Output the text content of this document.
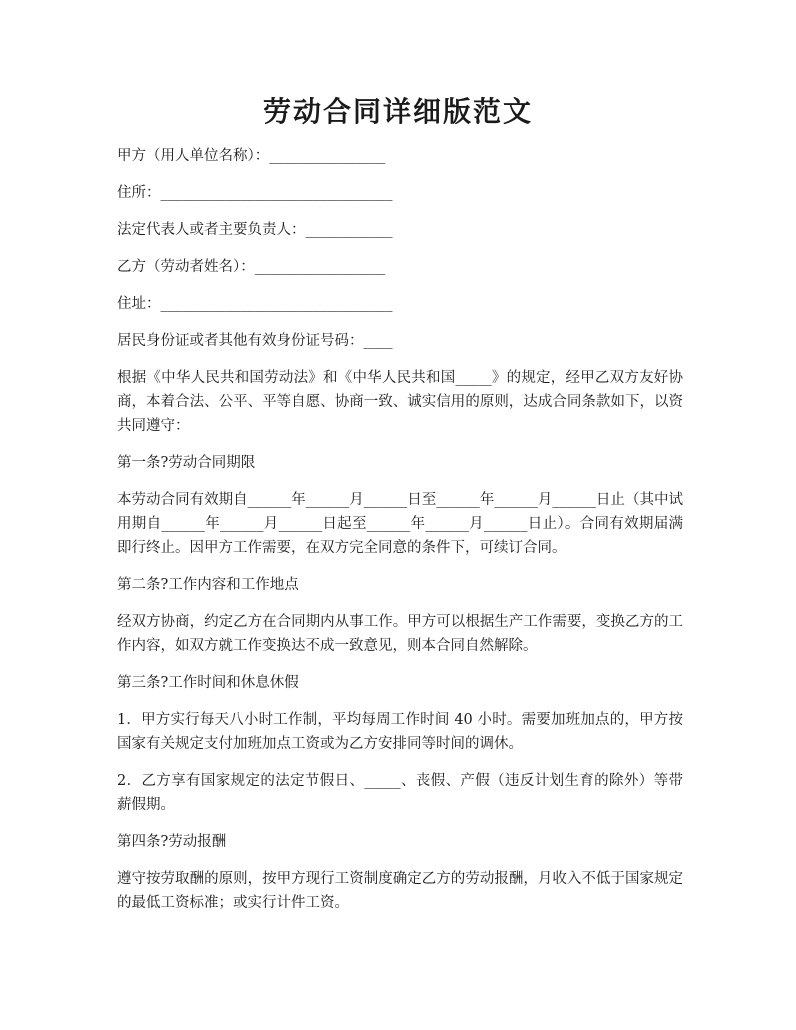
劳动合同详细版范文
甲方（用人单位名称）：________________
住所：________________________________
法定代表人或者主要负责人：____________
乙方（劳动者姓名）：__________________
住址：________________________________
居民身份证或者其他有效身份证号码：____

根据《中华人民共和国劳动法》和《中华人民共和国_____》的规定，经甲乙双方友好协商，本着合法、公平、平等自愿、协商一致、诚实信用的原则，达成合同条款如下，以资共同遵守：

第一条?劳动合同期限

本劳动合同有效期自______年______月______日至______年______月______日止（其中试用期自______年______月______日起至______年______月______日止）。合同有效期届满即行终止。因甲方工作需要，在双方完全同意的条件下，可续订合同。

第二条?工作内容和工作地点

经双方协商，约定乙方在合同期内从事工作。甲方可以根据生产工作需要，变换乙方的工作内容，如双方就工作变换达不成一致意见，则本合同自然解除。

第三条?工作时间和休息休假

1．甲方实行每天八小时工作制，平均每周工作时间 40 小时。需要加班加点的，甲方按国家有关规定支付加班加点工资或为乙方安排同等时间的调休。

2．乙方享有国家规定的法定节假日、_____、丧假、产假（违反计划生育的除外）等带薪假期。

第四条?劳动报酬

遵守按劳取酬的原则，按甲方现行工资制度确定乙方的劳动报酬，月收入不低于国家规定的最低工资标准；或实行计件工资。
